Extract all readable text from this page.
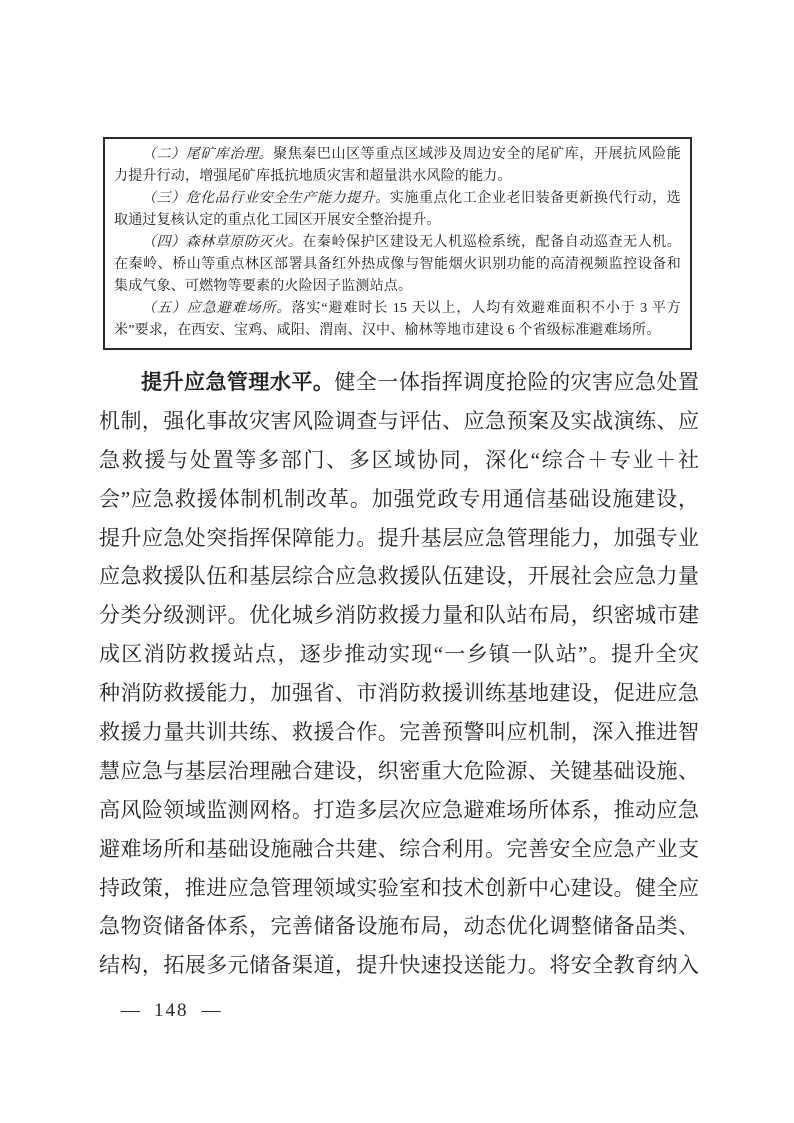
（二）尾矿库治理。聚焦秦巴山区等重点区域涉及周边安全的尾矿库，开展抗风险能力提升行动，增强尾矿库抵抗地质灾害和超量洪水风险的能力。

（三）危化品行业安全生产能力提升。实施重点化工企业老旧装备更新换代行动，选取通过复核认定的重点化工园区开展安全整治提升。

（四）森林草原防灭火。在秦岭保护区建设无人机巡检系统，配备自动巡查无人机。在秦岭、桥山等重点林区部署具备红外热成像与智能烟火识别功能的高清视频监控设备和集成气象、可燃物等要素的火险因子监测站点。

（五）应急避难场所。落实“避难时长 15 天以上，人均有效避难面积不小于 3 平方米”要求，在西安、宝鸡、咸阳、渭南、汉中、榆林等地市建设 6 个省级标准避难场所。

提升应急管理水平。健全一体指挥调度抢险的灾害应急处置
机制，强化事故灾害风险调查与评估、应急预案及实战演练、应
急救援与处置等多部门、多区域协同，深化“综合＋专业＋社
会”应急救援体制机制改革。加强党政专用通信基础设施建设，
提升应急处突指挥保障能力。提升基层应急管理能力，加强专业
应急救援队伍和基层综合应急救援队伍建设，开展社会应急力量
分类分级测评。优化城乡消防救援力量和队站布局，织密城市建
成区消防救援站点，逐步推动实现“一乡镇一队站”。提升全灾
种消防救援能力，加强省、市消防救援训练基地建设，促进应急
救援力量共训共练、救援合作。完善预警叫应机制，深入推进智
慧应急与基层治理融合建设，织密重大危险源、关键基础设施、
高风险领域监测网格。打造多层次应急避难场所体系，推动应急
避难场所和基础设施融合共建、综合利用。完善安全应急产业支
持政策，推进应急管理领域实验室和技术创新中心建设。健全应
急物资储备体系，完善储备设施布局，动态优化调整储备品类、
结构，拓展多元储备渠道，提升快速投送能力。将安全教育纳入
— 148 —
